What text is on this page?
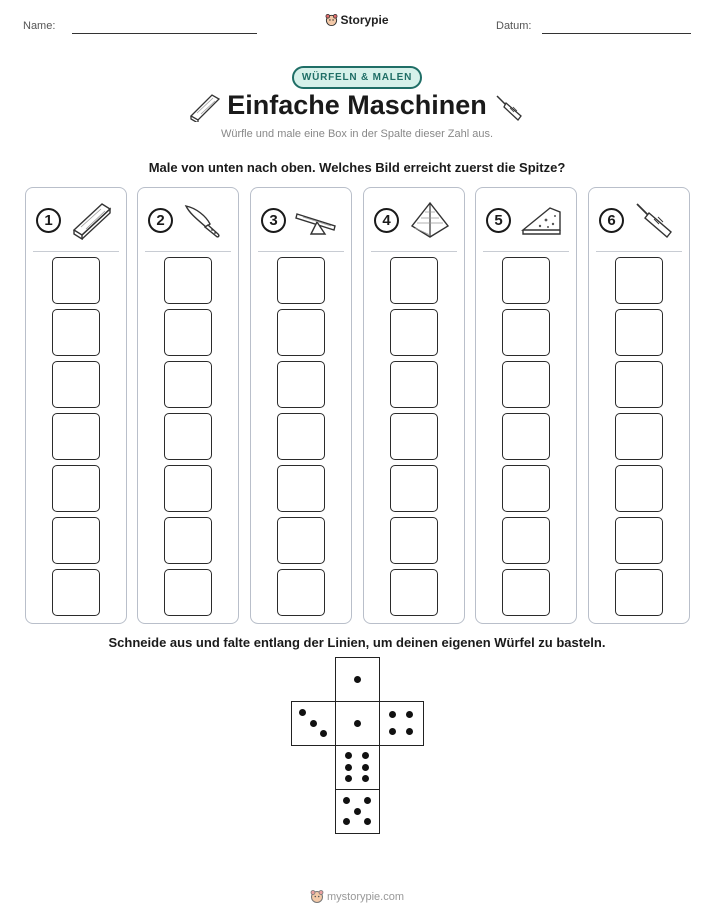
Name:	Storypie	Datum:
WÜRFELN & MALEN
Einfache Maschinen
Würfle und male eine Box in der Spalte dieser Zahl aus.
Male von unten nach oben. Welches Bild erreicht zuerst die Spitze?
1	2	3	4	5	6
Schneide aus und falte entlang der Linien, um deinen eigenen Würfel zu basteln.
mystorypie.com
